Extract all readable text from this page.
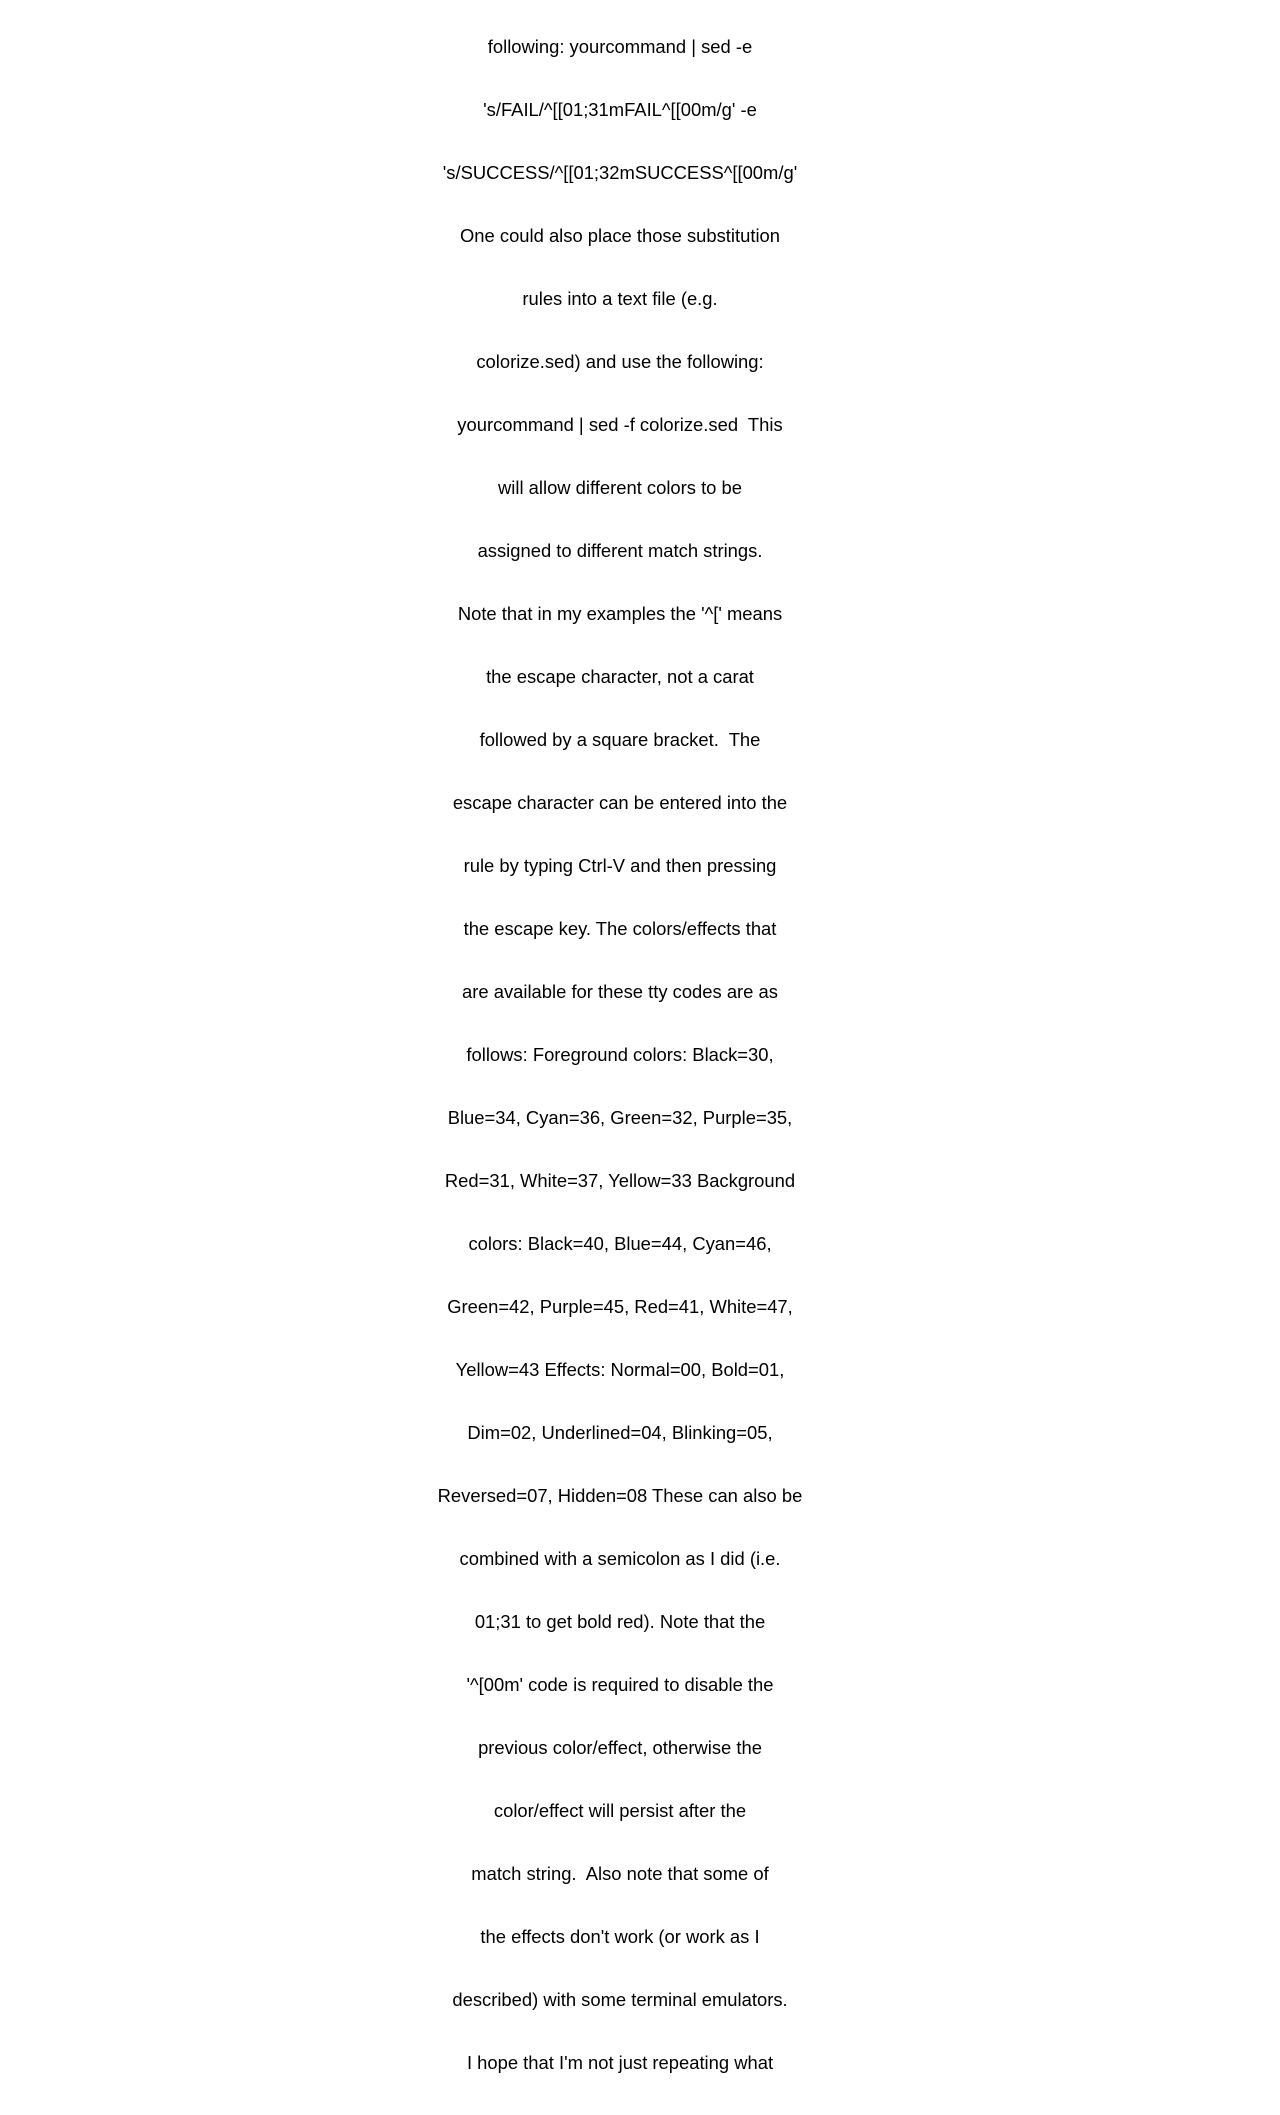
following: yourcommand | sed -e

's/FAIL/^[[01;31mFAIL^[[00m/g' -e

's/SUCCESS/^[[01;32mSUCCESS^[[00m/g'

One could also place those substitution

rules into a text file (e.g.

colorize.sed) and use the following:

yourcommand | sed -f colorize.sed  This

will allow different colors to be

assigned to different match strings.

Note that in my examples the '^[' means

the escape character, not a carat

followed by a square bracket.  The

escape character can be entered into the

rule by typing Ctrl-V and then pressing

the escape key. The colors/effects that

are available for these tty codes are as

follows: Foreground colors: Black=30,

Blue=34, Cyan=36, Green=32, Purple=35,

Red=31, White=37, Yellow=33 Background

colors: Black=40, Blue=44, Cyan=46,

Green=42, Purple=45, Red=41, White=47,

Yellow=43 Effects: Normal=00, Bold=01,

Dim=02, Underlined=04, Blinking=05,

Reversed=07, Hidden=08 These can also be

combined with a semicolon as I did (i.e.

01;31 to get bold red). Note that the

'^[00m' code is required to disable the

previous color/effect, otherwise the

color/effect will persist after the

match string.  Also note that some of

the effects don't work (or work as I

described) with some terminal emulators.

I hope that I'm not just repeating what
